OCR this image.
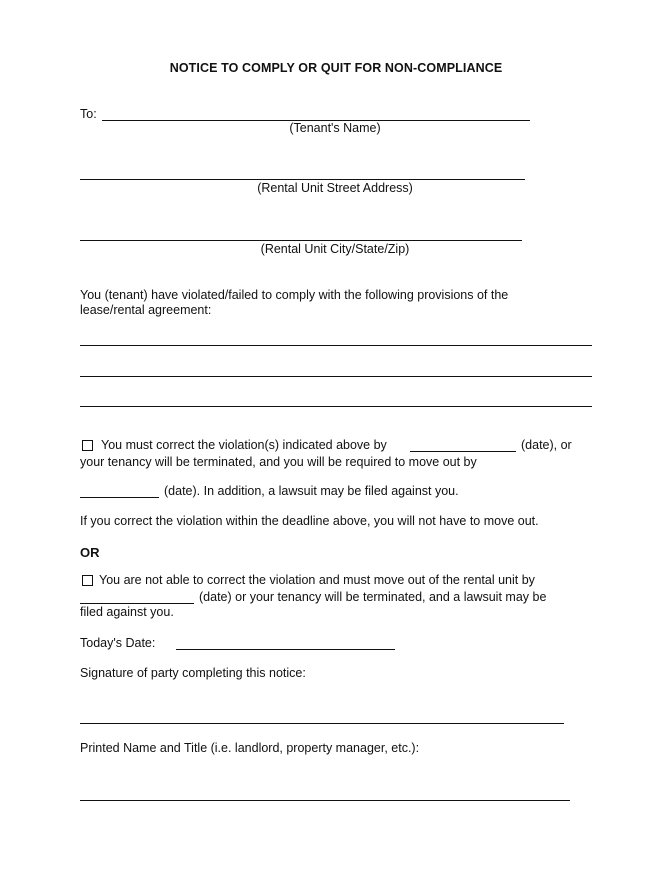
NOTICE TO COMPLY OR QUIT FOR NON-COMPLIANCE
To:
(Tenant's Name)
(Rental Unit Street Address)
(Rental Unit City/State/Zip)
You (tenant) have violated/failed to comply with the following provisions of the
lease/rental agreement:
You must correct the violation(s) indicated above by	(date), or
your tenancy will be terminated, and you will be required to move out by
(date). In addition, a lawsuit may be filed against you.
If you correct the violation within the deadline above, you will not have to move out.
OR
You are not able to correct the violation and must move out of the rental unit by
(date) or your tenancy will be terminated, and a lawsuit may be
filed against you.
Today's Date:
Signature of party completing this notice:
Printed Name and Title (i.e. landlord, property manager, etc.):
